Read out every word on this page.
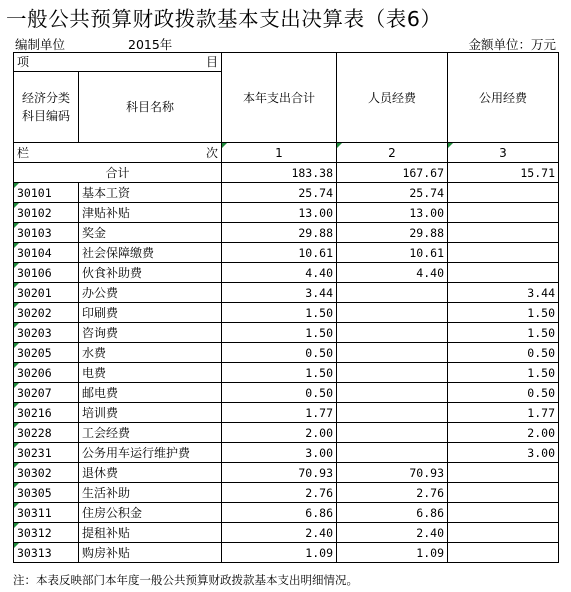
一般公共预算财政拨款基本支出决算表（表6）
编制单位	2015年	金额单位：万元
项 目		本年支出合计	人员经费	公用经费
经济分类科目编码	科目名称			

栏 次		1	2	3
合计		183.38	167.67	15.71
30101	基本工资	25.74	25.74	
30102	津贴补贴	13.00	13.00	
30103	奖金	29.88	29.88	
30104	社会保障缴费	10.61	10.61	
30106	伙食补助费	4.40	4.40	
30201	办公费	3.44		3.44
30202	印刷费	1.50		1.50
30203	咨询费	1.50		1.50
30205	水费	0.50		0.50
30206	电费	1.50		1.50
30207	邮电费	0.50		0.50
30216	培训费	1.77		1.77
30228	工会经费	2.00		2.00
30231	公务用车运行维护费	3.00		3.00
30302	退休费	70.93	70.93	
30305	生活补助	2.76	2.76	
30311	住房公积金	6.86	6.86	
30312	提租补贴	2.40	2.40	
30313	购房补贴	1.09	1.09	
注：本表反映部门本年度一般公共预算财政拨款基本支出明细情况。
